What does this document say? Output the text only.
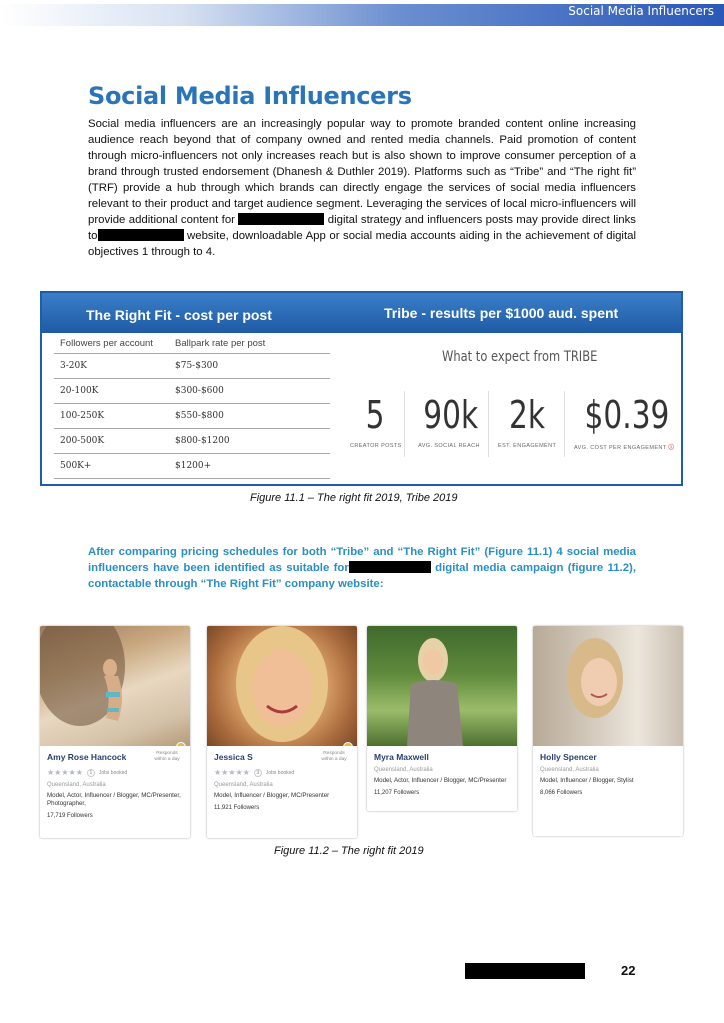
Social Media Influencers
Social Media Influencers
Social media influencers are an increasingly popular way to promote branded content online increasing audience reach beyond that of company owned and rented media channels. Paid promotion of content through micro-influencers not only increases reach but is also shown to improve consumer perception of a brand through trusted endorsement (Dhanesh & Duthler 2019). Platforms such as “Tribe” and “The right fit” (TRF) provide a hub through which brands can directly engage the services of social media influencers relevant to their product and target audience segment. Leveraging the services of local micro-influencers will provide additional content for	digital strategy and influencers posts may provide direct links to	website, downloadable App or social media accounts aiding in the achievement of digital objectives 1 through to 4.
The Right Fit - cost per post	Tribe - results per $1000 aud. spent
Followers per account	Ballpark rate per post
3-20K	$75-$300
20-100K	$300-$600
100-250K	$550-$800
200-500K	$800-$1200
500K+	$1200+
What to expect from TRIBE
5
CREATOR POSTS
90k
AVG. SOCIAL REACH
2k
EST. ENGAGEMENT
$0.39
AVG. COST PER ENGAGEMENT ⓘ
Figure 11.1 – The right fit 2019, Tribe 2019
After comparing pricing schedules for both “Tribe” and “The Right Fit” (Figure 11.1) 4 social media influencers have been identified as suitable for	digital media campaign (figure 11.2), contactable through “The Right Fit” company website:
Amy Rose Hancock	Responds within a day
★★★★★	1	Jobs booked
Queensland, Australia
Model, Actor, Influencer / Blogger, MC/Presenter, Photographer,
17,719 Followers
Jessica S	Responds within a day
★★★★★	3	Jobs booked
Queensland, Australia
Model, Influencer / Blogger, MC/Presenter
11,921 Followers
Myra Maxwell
Queensland, Australia
Model, Actor, Influencer / Blogger, MC/Presenter
11,207 Followers
Holly Spencer
Queensland, Australia
Model, Influencer / Blogger, Stylist
8,066 Followers
Figure 11.2 – The right fit 2019
22
